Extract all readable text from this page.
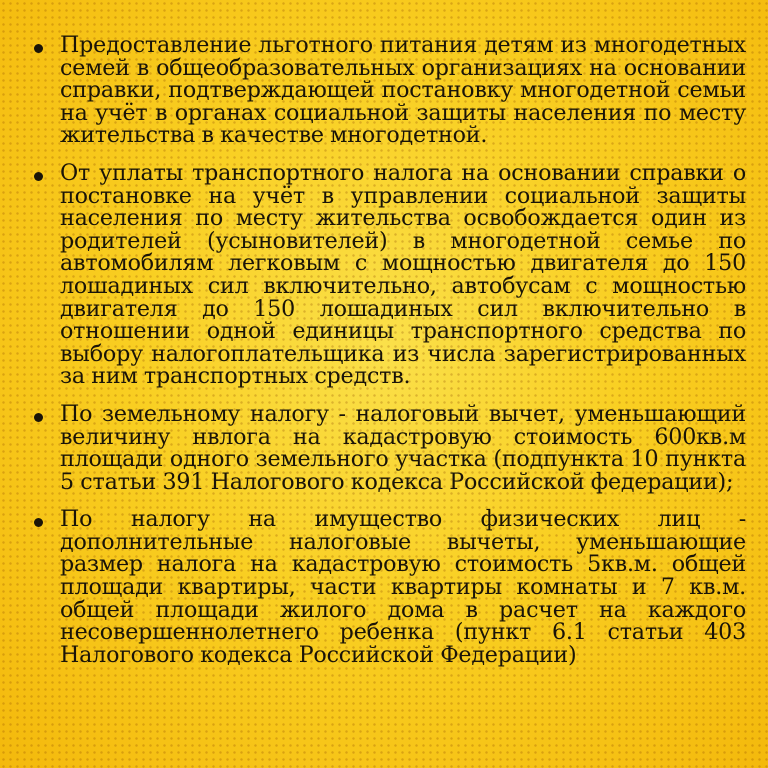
Предоставление льготного питания детям из многодетных семей в общеобразовательных организациях на основании справки, подтверждающей постановку многодетной семьи на учёт в органах социальной защиты населения по месту жительства в качестве многодетной.
От уплаты транспортного налога на основании справки о постановке на учёт в управлении социальной защиты населения по месту жительства освобождается один из родителей (усыновителей) в многодетной семье по автомобилям легковым с мощностью двигателя до 150 лошадиных сил включительно, автобусам с мощностью двигателя до 150 лошадиных сил включительно в отношении одной единицы транспортного средства по выбору налогоплательщика из числа зарегистрированных за ним транспортных средств.
По земельному налогу - налоговый вычет, уменьшающий величину нвлога на кадастровую стоимость 600кв.м площади одного земельного участка (подпункта 10 пункта 5 статьи 391 Налогового кодекса Российской федерации);
По налогу на имущество физических лиц - дополнительные налоговые вычеты, уменьшающие размер налога на кадастровую стоимость 5кв.м. общей площади квартиры, части квартиры комнаты и 7 кв.м. общей площади жилого дома в расчет на каждого несовершеннолетнего ребенка (пункт 6.1 статьи 403 Налогового кодекса Российской Федерации)
